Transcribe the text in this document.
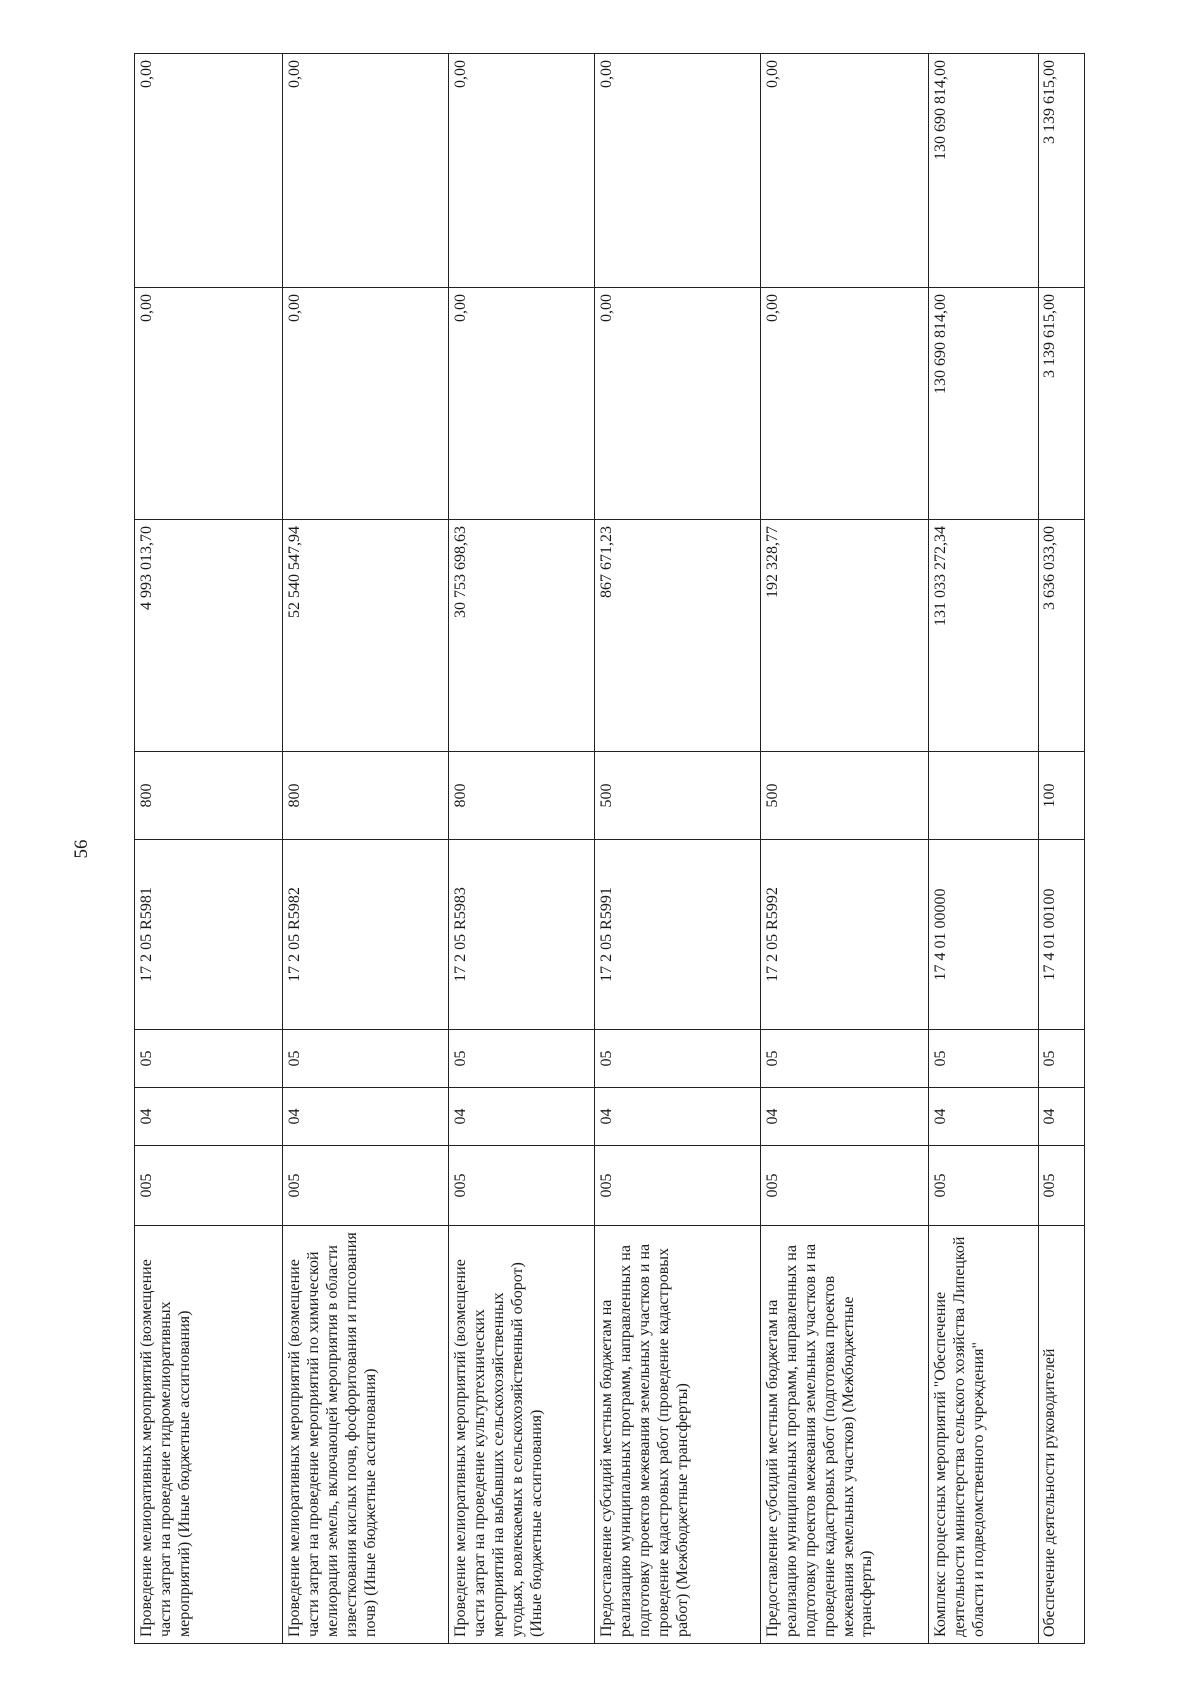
56
Проведение мелиоративных мероприятий (возмещение части затрат на проведение гидромелиоративных мероприятий) (Иные бюджетные ассигнования)	005	04	05	17 2 05 R5981	800	4 993 013,70	0,00	0,00
Проведение мелиоративных мероприятий (возмещение части затрат на проведение мероприятий по химической мелиорации земель, включающей мероприятия в области известкования кислых почв, фосфоритования и гипсования почв) (Иные бюджетные ассигнования)	005	04	05	17 2 05 R5982	800	52 540 547,94	0,00	0,00
Проведение мелиоративных мероприятий (возмещение части затрат на проведение культуртехнических мероприятий на выбывших сельскохозяйственных угодьях, вовлекаемых в сельскохозяйственный оборот) (Иные бюджетные ассигнования)	005	04	05	17 2 05 R5983	800	30 753 698,63	0,00	0,00
Предоставление субсидий местным бюджетам на реализацию муниципальных программ, направленных на подготовку проектов межевания земельных участков и на проведение кадастровых работ (проведение кадастровых работ) (Межбюджетные трансферты)	005	04	05	17 2 05 R5991	500	867 671,23	0,00	0,00
Предоставление субсидий местным бюджетам на реализацию муниципальных программ, направленных на подготовку проектов межевания земельных участков и на проведение кадастровых работ (подготовка проектов межевания земельных участков) (Межбюджетные трансферты)	005	04	05	17 2 05 R5992	500	192 328,77	0,00	0,00
Комплекс процессных мероприятий "Обеспечение деятельности министерства сельского хозяйства Липецкой области и подведомственного учреждения"	005	04	05	17 4 01 00000		131 033 272,34	130 690 814,00	130 690 814,00
Обеспечение деятельности руководителей	005	04	05	17 4 01 00100	100	3 636 033,00	3 139 615,00	3 139 615,00
